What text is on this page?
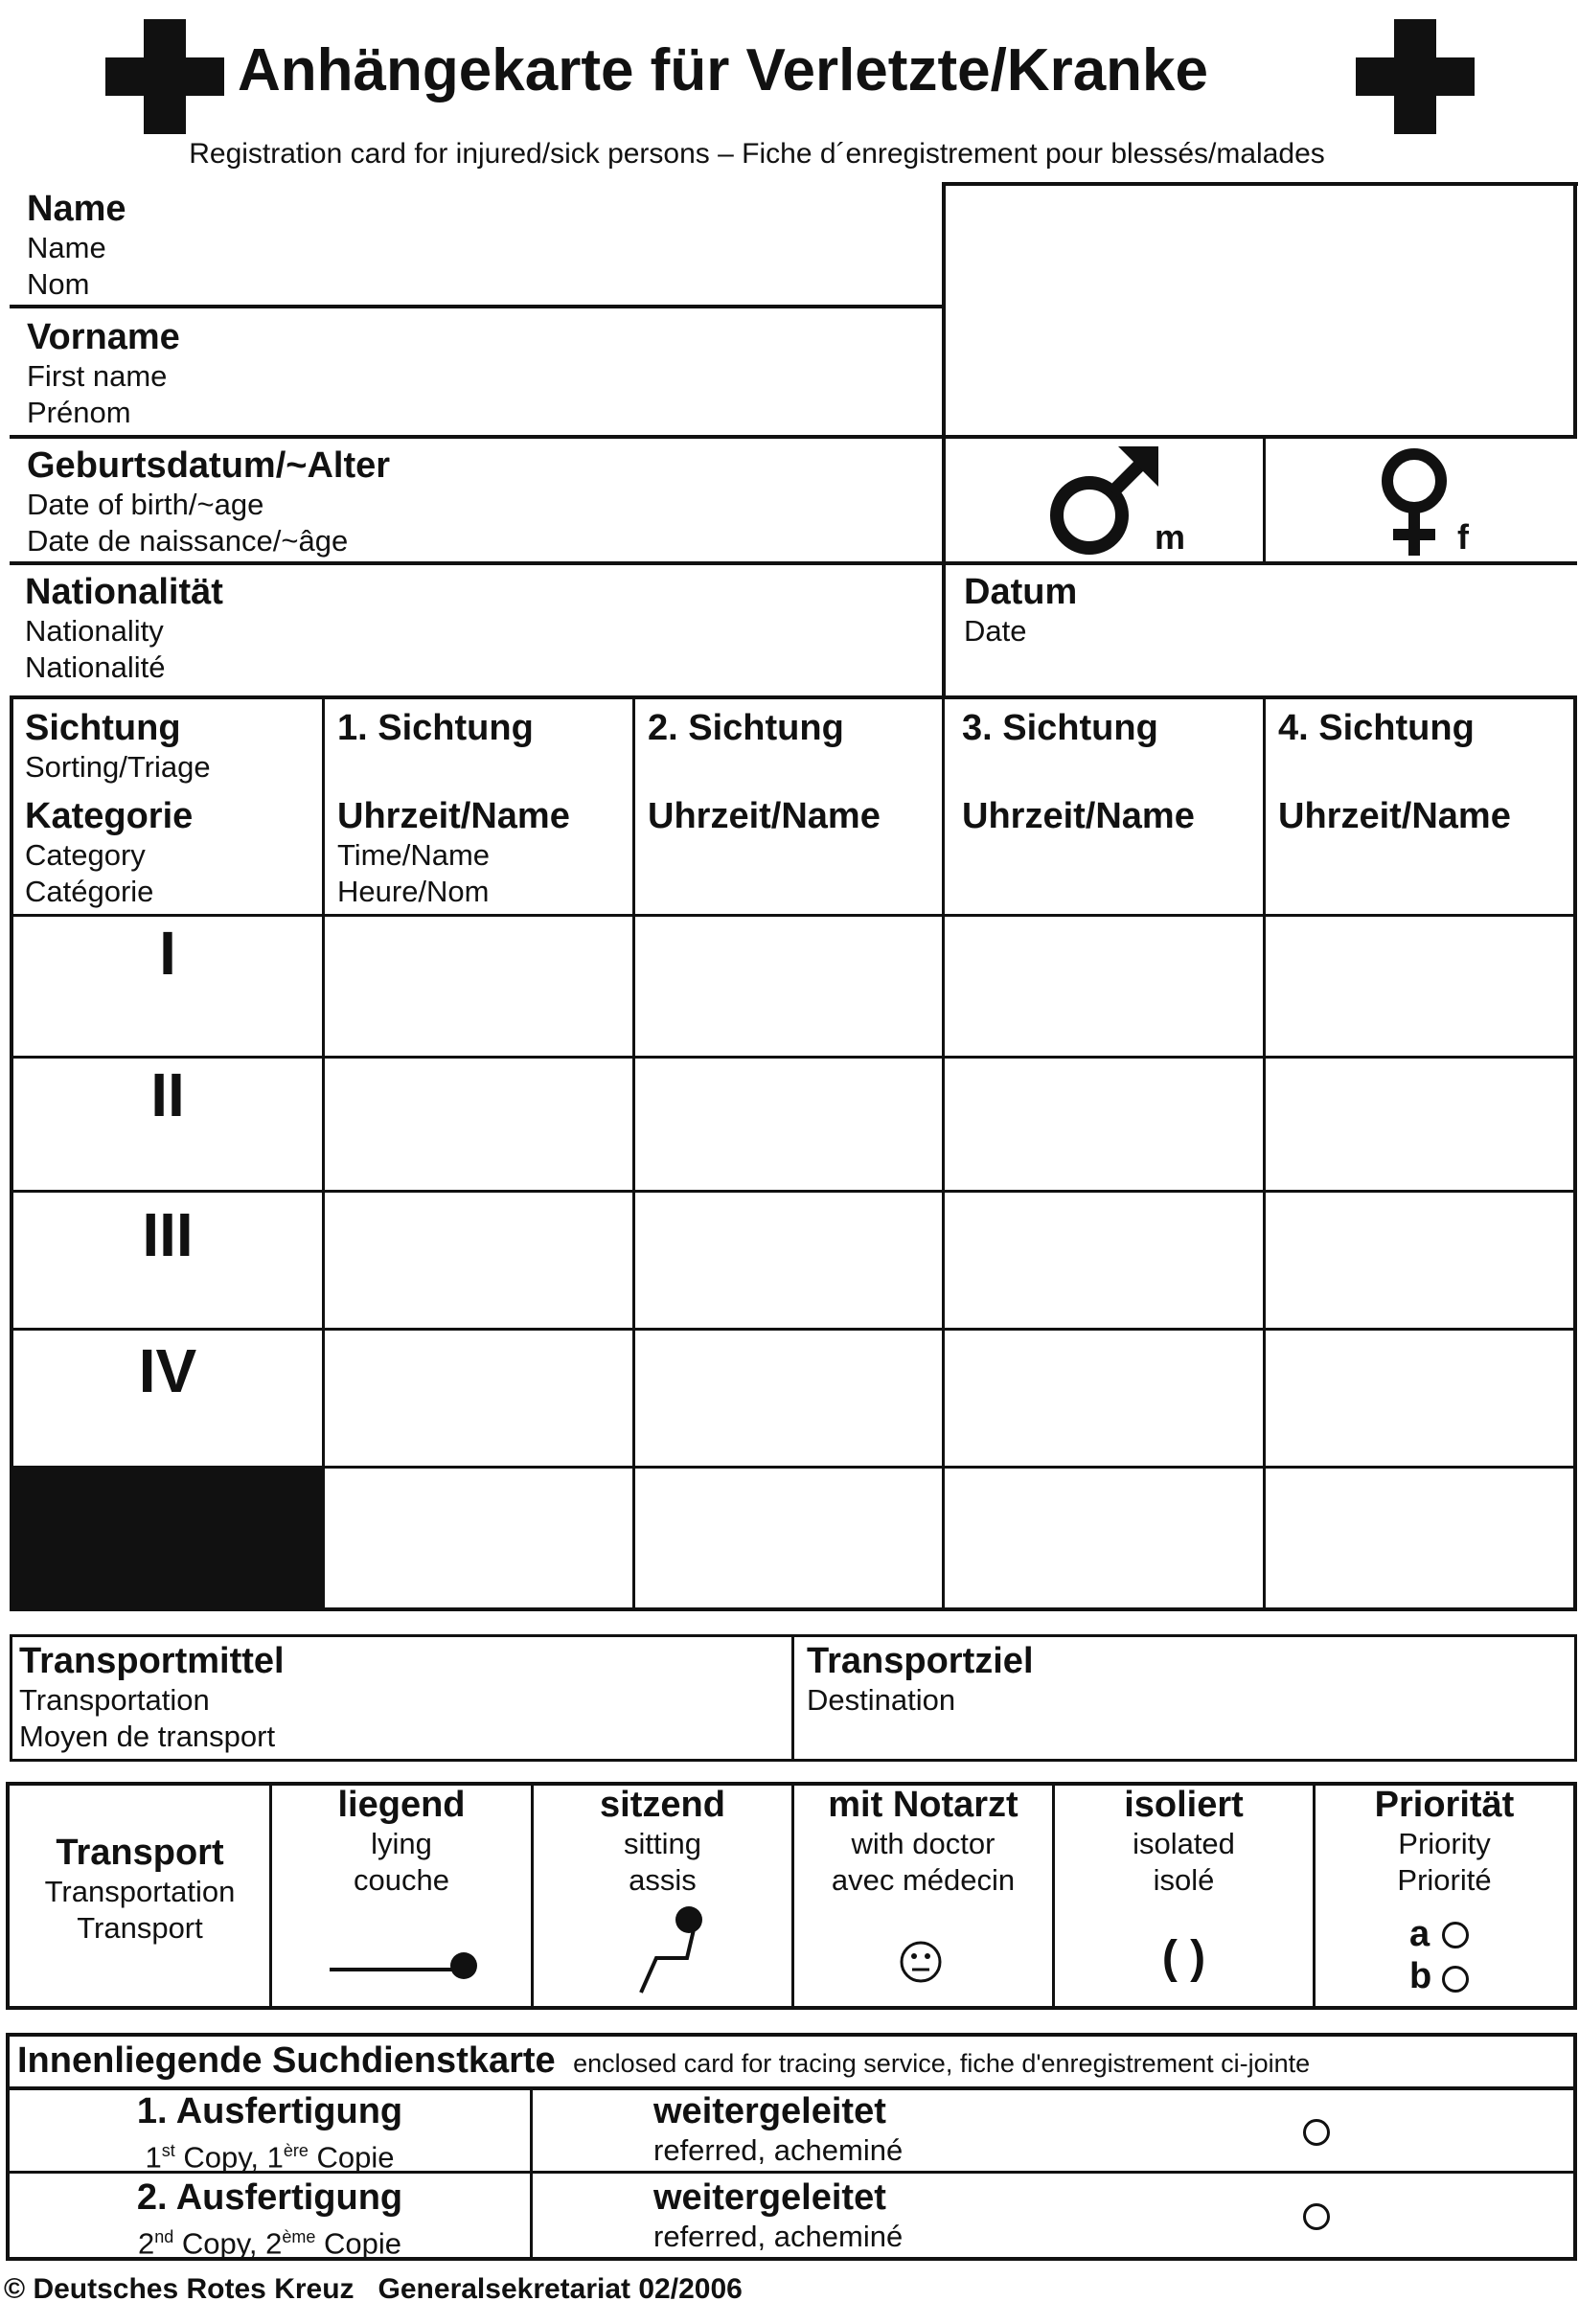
Anhängekarte für Verletzte/Kranke
Registration card for injured/sick persons – Fiche d´enregistrement pour blessés/malades
Name
Name
Nom
Vorname
First name
Prénom
Geburtsdatum/~Alter
Date of birth/~age
Date de naissance/~âge	m	f
Nationalität
Nationality
Nationalité
Datum
Date
Sichtung
Sorting/Triage
Kategorie
Category
Catégorie
1. Sichtung
Uhrzeit/Name
Time/Name
Heure/Nom
2. Sichtung
Uhrzeit/Name
3. Sichtung
Uhrzeit/Name
4. Sichtung
Uhrzeit/Name
I
II
III
IV
Transportmittel
Transportation
Moyen de transport
Transportziel
Destination
Transport
Transportation
Transport
liegend
lying
couche
sitzend
sitting
assis
mit Notarzt
with doctor
avec médecin
isoliert
isolated
isolé
( )
Priorität
Priority
Priorité
a
b
Innenliegende Suchdienstkarte enclosed card for tracing service, fiche d'enregistrement ci-jointe
1. Ausfertigung
1st Copy, 1ère Copie
weitergeleitet
referred, acheminé
2. Ausfertigung
2nd Copy, 2ème Copie
weitergeleitet
referred, acheminé
© Deutsches Rotes Kreuz   Generalsekretariat 02/2006
